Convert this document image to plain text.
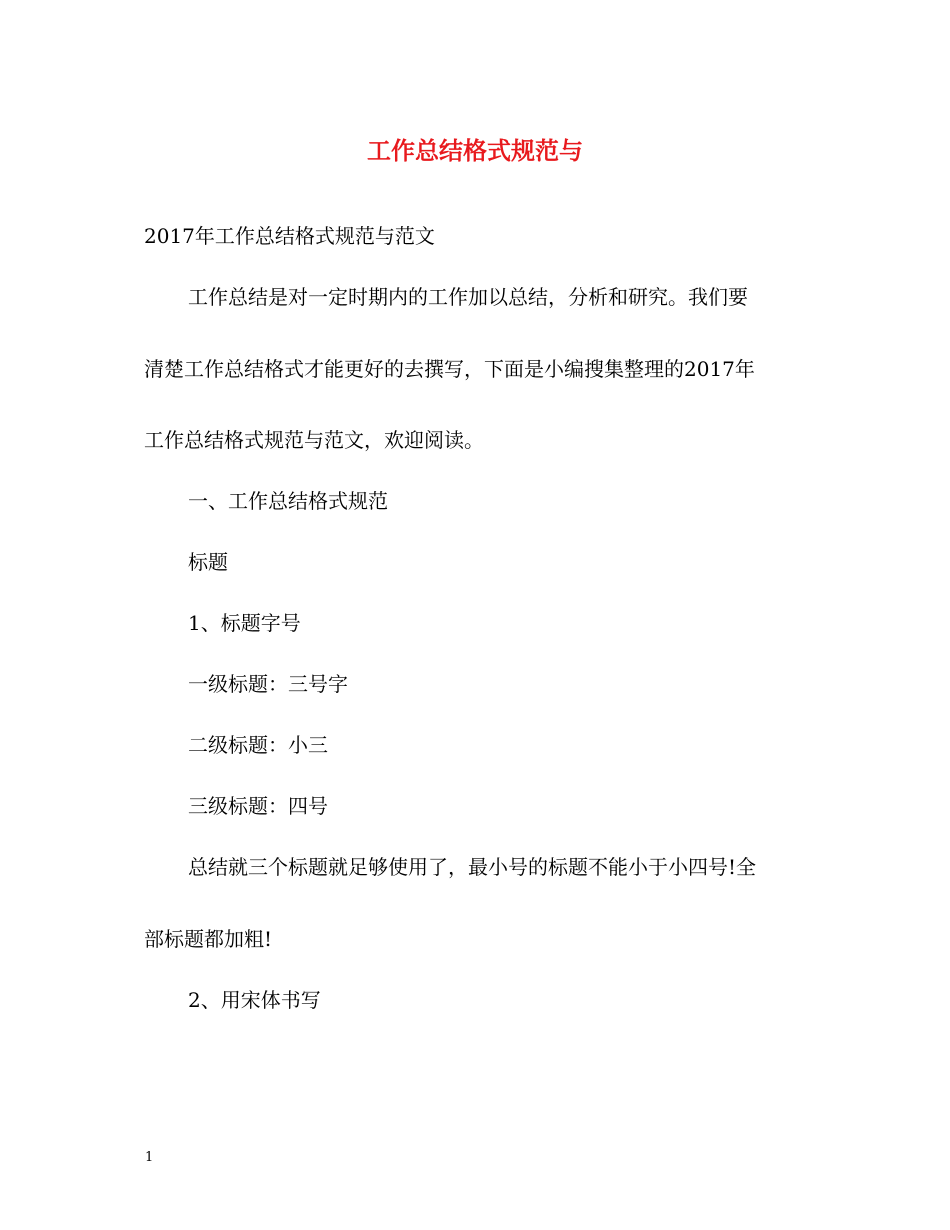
工作总结格式规范与
2017年工作总结格式规范与范文
工作总结是对一定时期内的工作加以总结，分析和研究。我们要
清楚工作总结格式才能更好的去撰写，下面是小编搜集整理的2017年
工作总结格式规范与范文，欢迎阅读。
一、工作总结格式规范
标题
1、标题字号
一级标题：三号字
二级标题：小三
三级标题：四号
总结就三个标题就足够使用了，最小号的标题不能小于小四号!全
部标题都加粗!
2、用宋体书写
1
